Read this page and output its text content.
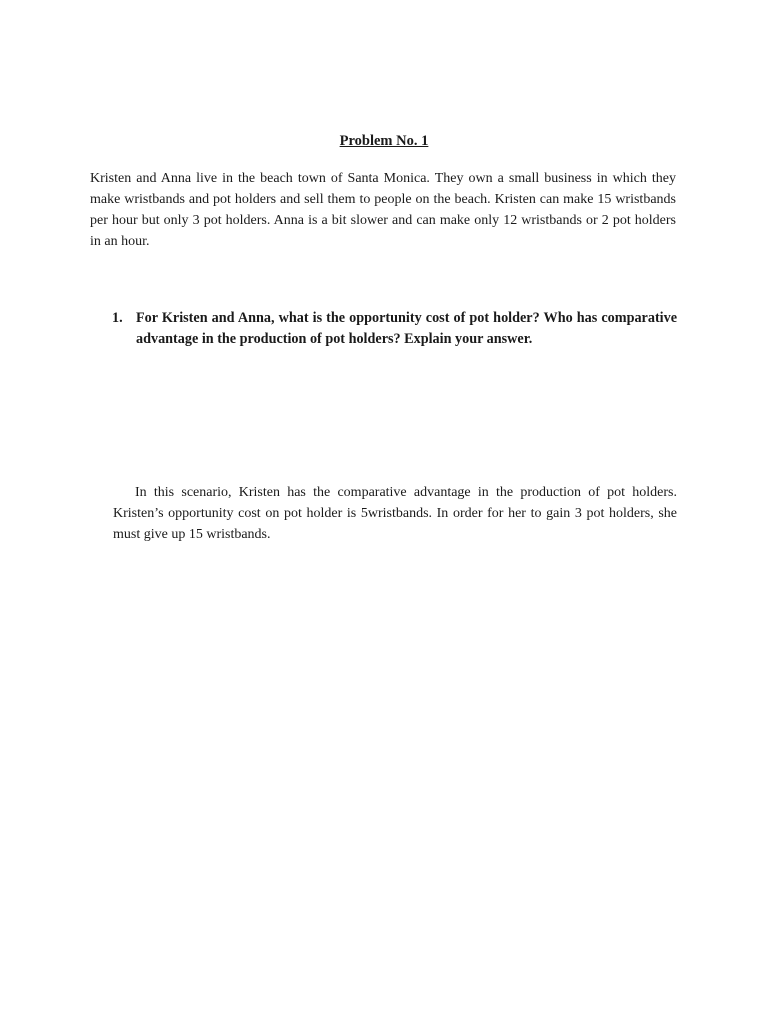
Problem No. 1

Kristen and Anna live in the beach town of Santa Monica. They own a small business in which they make wristbands and pot holders and sell them to people on the beach. Kristen can make 15 wristbands per hour but only 3 pot holders. Anna is a bit slower and can make only 12 wristbands or 2 pot holders in an hour.

1. For Kristen and Anna, what is the opportunity cost of pot holder? Who has comparative advantage in the production of pot holders? Explain your answer.

In this scenario, Kristen has the comparative advantage in the production of pot holders. Kristen’s opportunity cost on pot holder is 5wristbands. In order for her to gain 3 pot holders, she must give up 15 wristbands.
